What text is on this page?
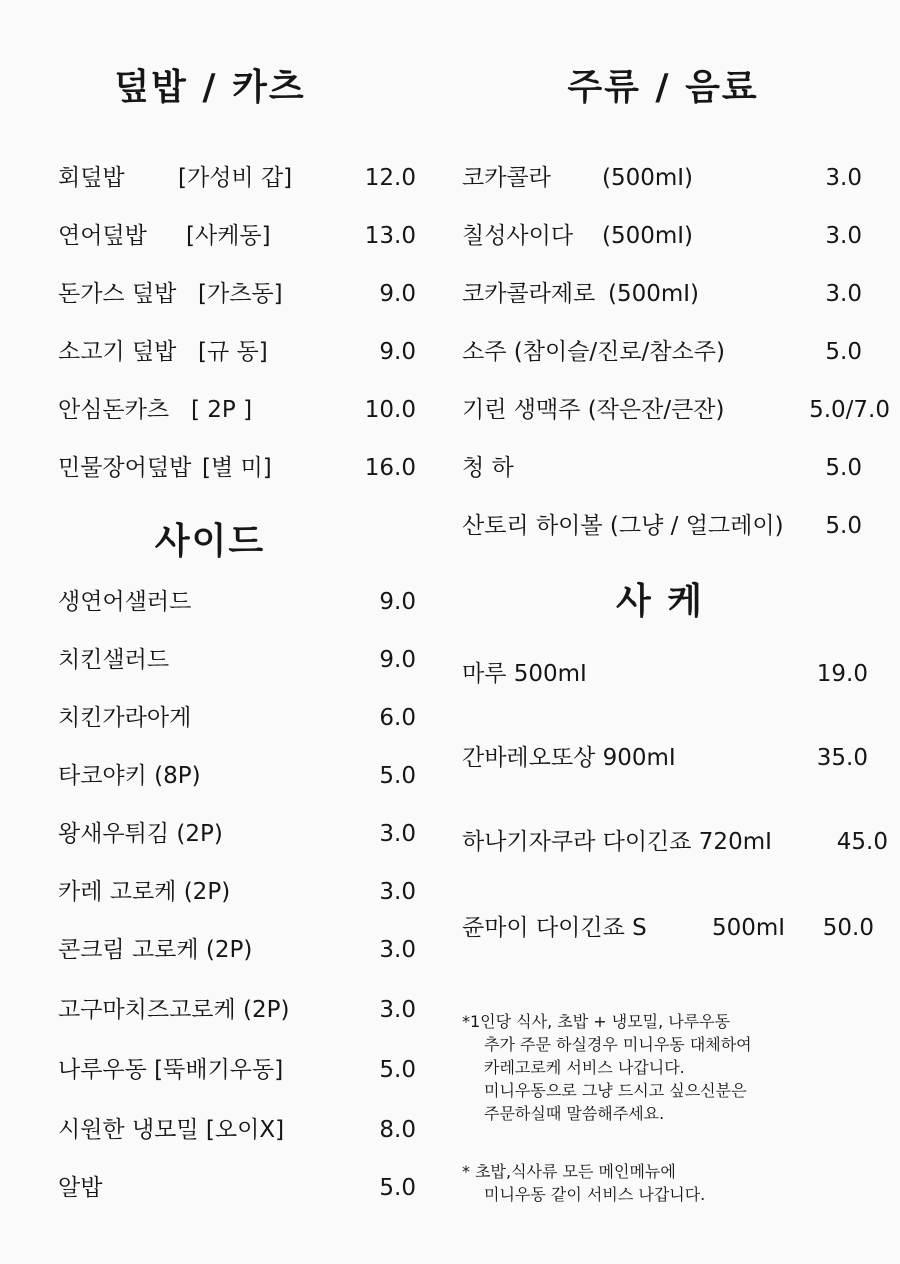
덮밥 / 카츠
회덮밥 [가성비 갑]	12.0
연어덮밥 [사케동]	13.0
돈가스 덮밥 [가츠동]	9.0
소고기 덮밥 [규 동]	9.0
안심돈카츠 [ 2P ]	10.0
민물장어덮밥 [별 미]	16.0
사이드
생연어샐러드	9.0
치킨샐러드	9.0
치킨가라아게	6.0
타코야키 (8P)	5.0
왕새우튀김 (2P)	3.0
카레 고로케 (2P)	3.0
콘크림 고로케 (2P)	3.0
고구마치즈고로케 (2P)	3.0
나루우동 [뚝배기우동]	5.0
시원한 냉모밀 [오이X]	8.0
알밥	5.0
주류 / 음료
코카콜라 (500mI)	3.0
칠성사이다 (500mI)	3.0
코카콜라제로 (500mI)	3.0
소주 (참이슬/진로/참소주)	5.0
기린 생맥주 (작은잔/큰잔)	5.0/7.0
청 하	5.0
산토리 하이볼 (그냥 / 얼그레이) 5.0
사 케
마루 500mI	19.0
간바레오또상 900mI	35.0
하나기자쿠라 다이긴죠 720mI	45.0
쥰마이 다이긴죠 S	500mI 50.0
*1인당 식사, 초밥 + 냉모밀, 나루우동
추가 주문 하실경우 미니우동 대체하여
카레고로케 서비스 나갑니다.
미니우동으로 그냥 드시고 싶으신분은
주문하실때 말씀해주세요.
* 초밥,식사류 모든 메인메뉴에
미니우동 같이 서비스 나갑니다.
